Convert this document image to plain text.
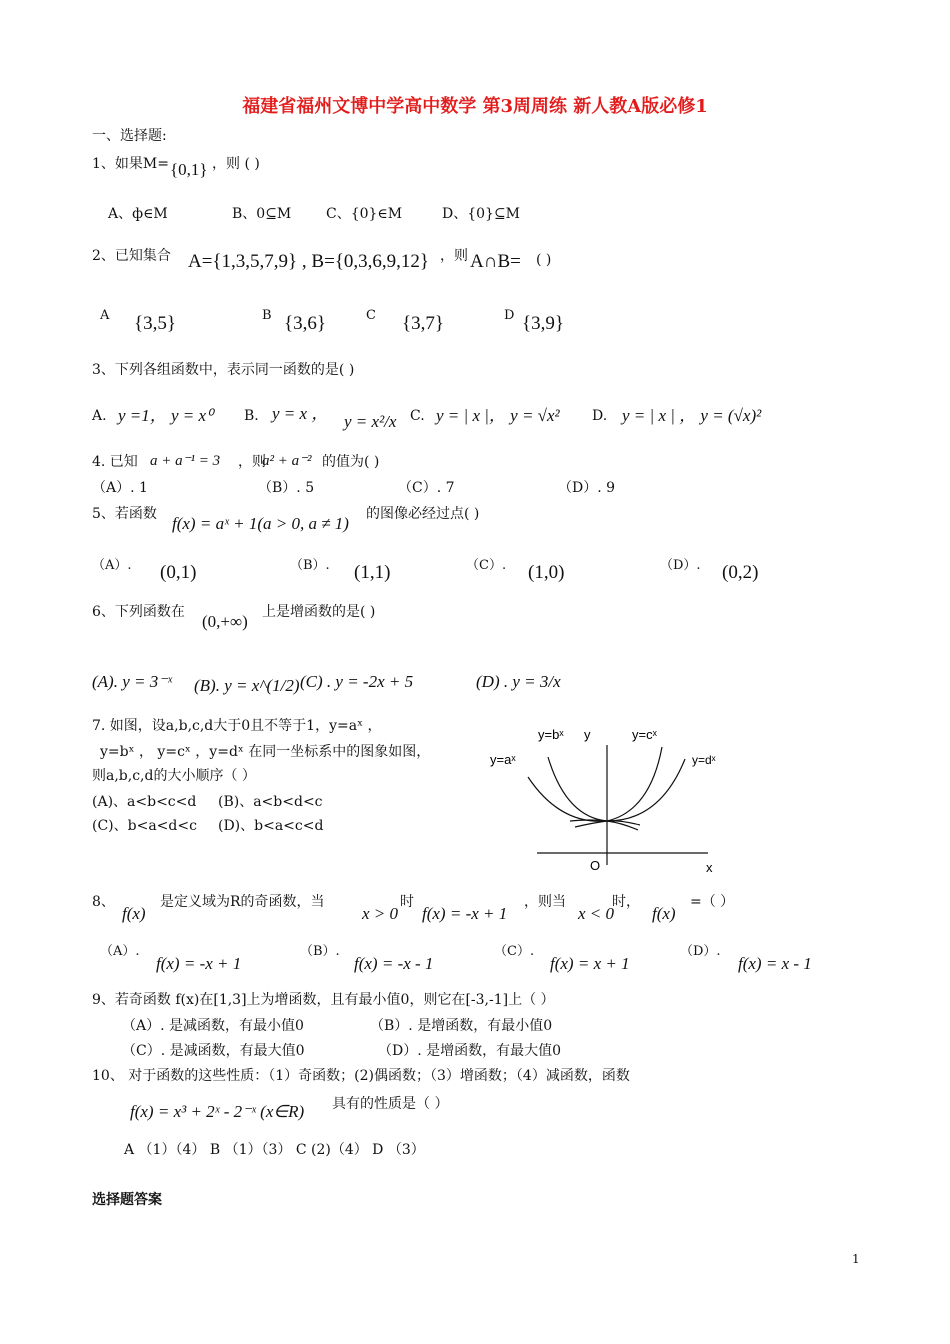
福建省福州文博中学高中数学 第3周周练 新人教A版必修1
一、选择题:
1、如果M= {0,1} ，则 ( )
A、ф∈M	B、0⊆M C、{0}∈M	D、{0}⊆M
2、已知集合 A={1,3,5,7,9} , B={0,3,6,9,12} ，则 A∩B= ( )
A {3,5}	B {3,6}	C {3,7}	D {3,9}
3、下列各组函数中，表示同一函数的是( )
A. y =1， y = x⁰ B. y = x ， y = x²/x C. y = | x |， y = √x² D. y = | x | ， y = (√x)²
4. 已知 a + a⁻¹ = 3 ，则
a² + a⁻² 的值为( )
（A）. 1	（B）. 5	（C）. 7	（D）. 9
5、若函数 f(x) = aˣ + 1(a > 0, a ≠ 1) 的图像必经过点( )
（A）. (0,1)	（B）. (1,1)	（C）. (1,0)	（D）. (0,2)
6、下列函数在 (0,+∞) 上是增函数的是( )
(A). y = 3⁻ˣ (B). y = x^(1/2) (C) . y = -2x + 5	(D) . y = 3/x
7. 如图，设a,b,c,d大于0且不等于1，y=aˣ ，
y=bˣ ， y=cˣ ，y=dˣ 在同一坐标系中的图象如图，
则a,b,c,d的大小顺序（ ）
(A)、a<b<c<d (B)、a<b<d<c
(C)、b<a<d<c (D)、b<a<c<d
y=bˣ y	y=cˣ
y=aˣ	y=dˣ
O	x
8、
f(x)
是定义域为R的奇函数，当
x > 0
时
f(x) = -x + 1
，则当
x < 0
时，
f(x)
=（ ）
（A）.
f(x) = -x + 1
（B）.
f(x) = -x - 1
（C）.
f(x) = x + 1
（D）.
f(x) = x - 1
9、若奇函数 f(x)在[1,3]上为增函数，且有最小值0，则它在[-3,-1]上（ ）
（A）. 是减函数，有最小值0	（B）. 是增函数，有最小值0
（C）. 是减函数，有最大值0	（D）. 是增函数，有最大值0
10、 对于函数的这些性质：（1）奇函数；(2)偶函数；（3）增函数；（4）减函数，函数
f(x) = x³ + 2ˣ - 2⁻ˣ (x∈R) 具有的性质是（ ）
A （1）（4） B （1）（3） C (2)（4） D （3）
选择题答案
1
